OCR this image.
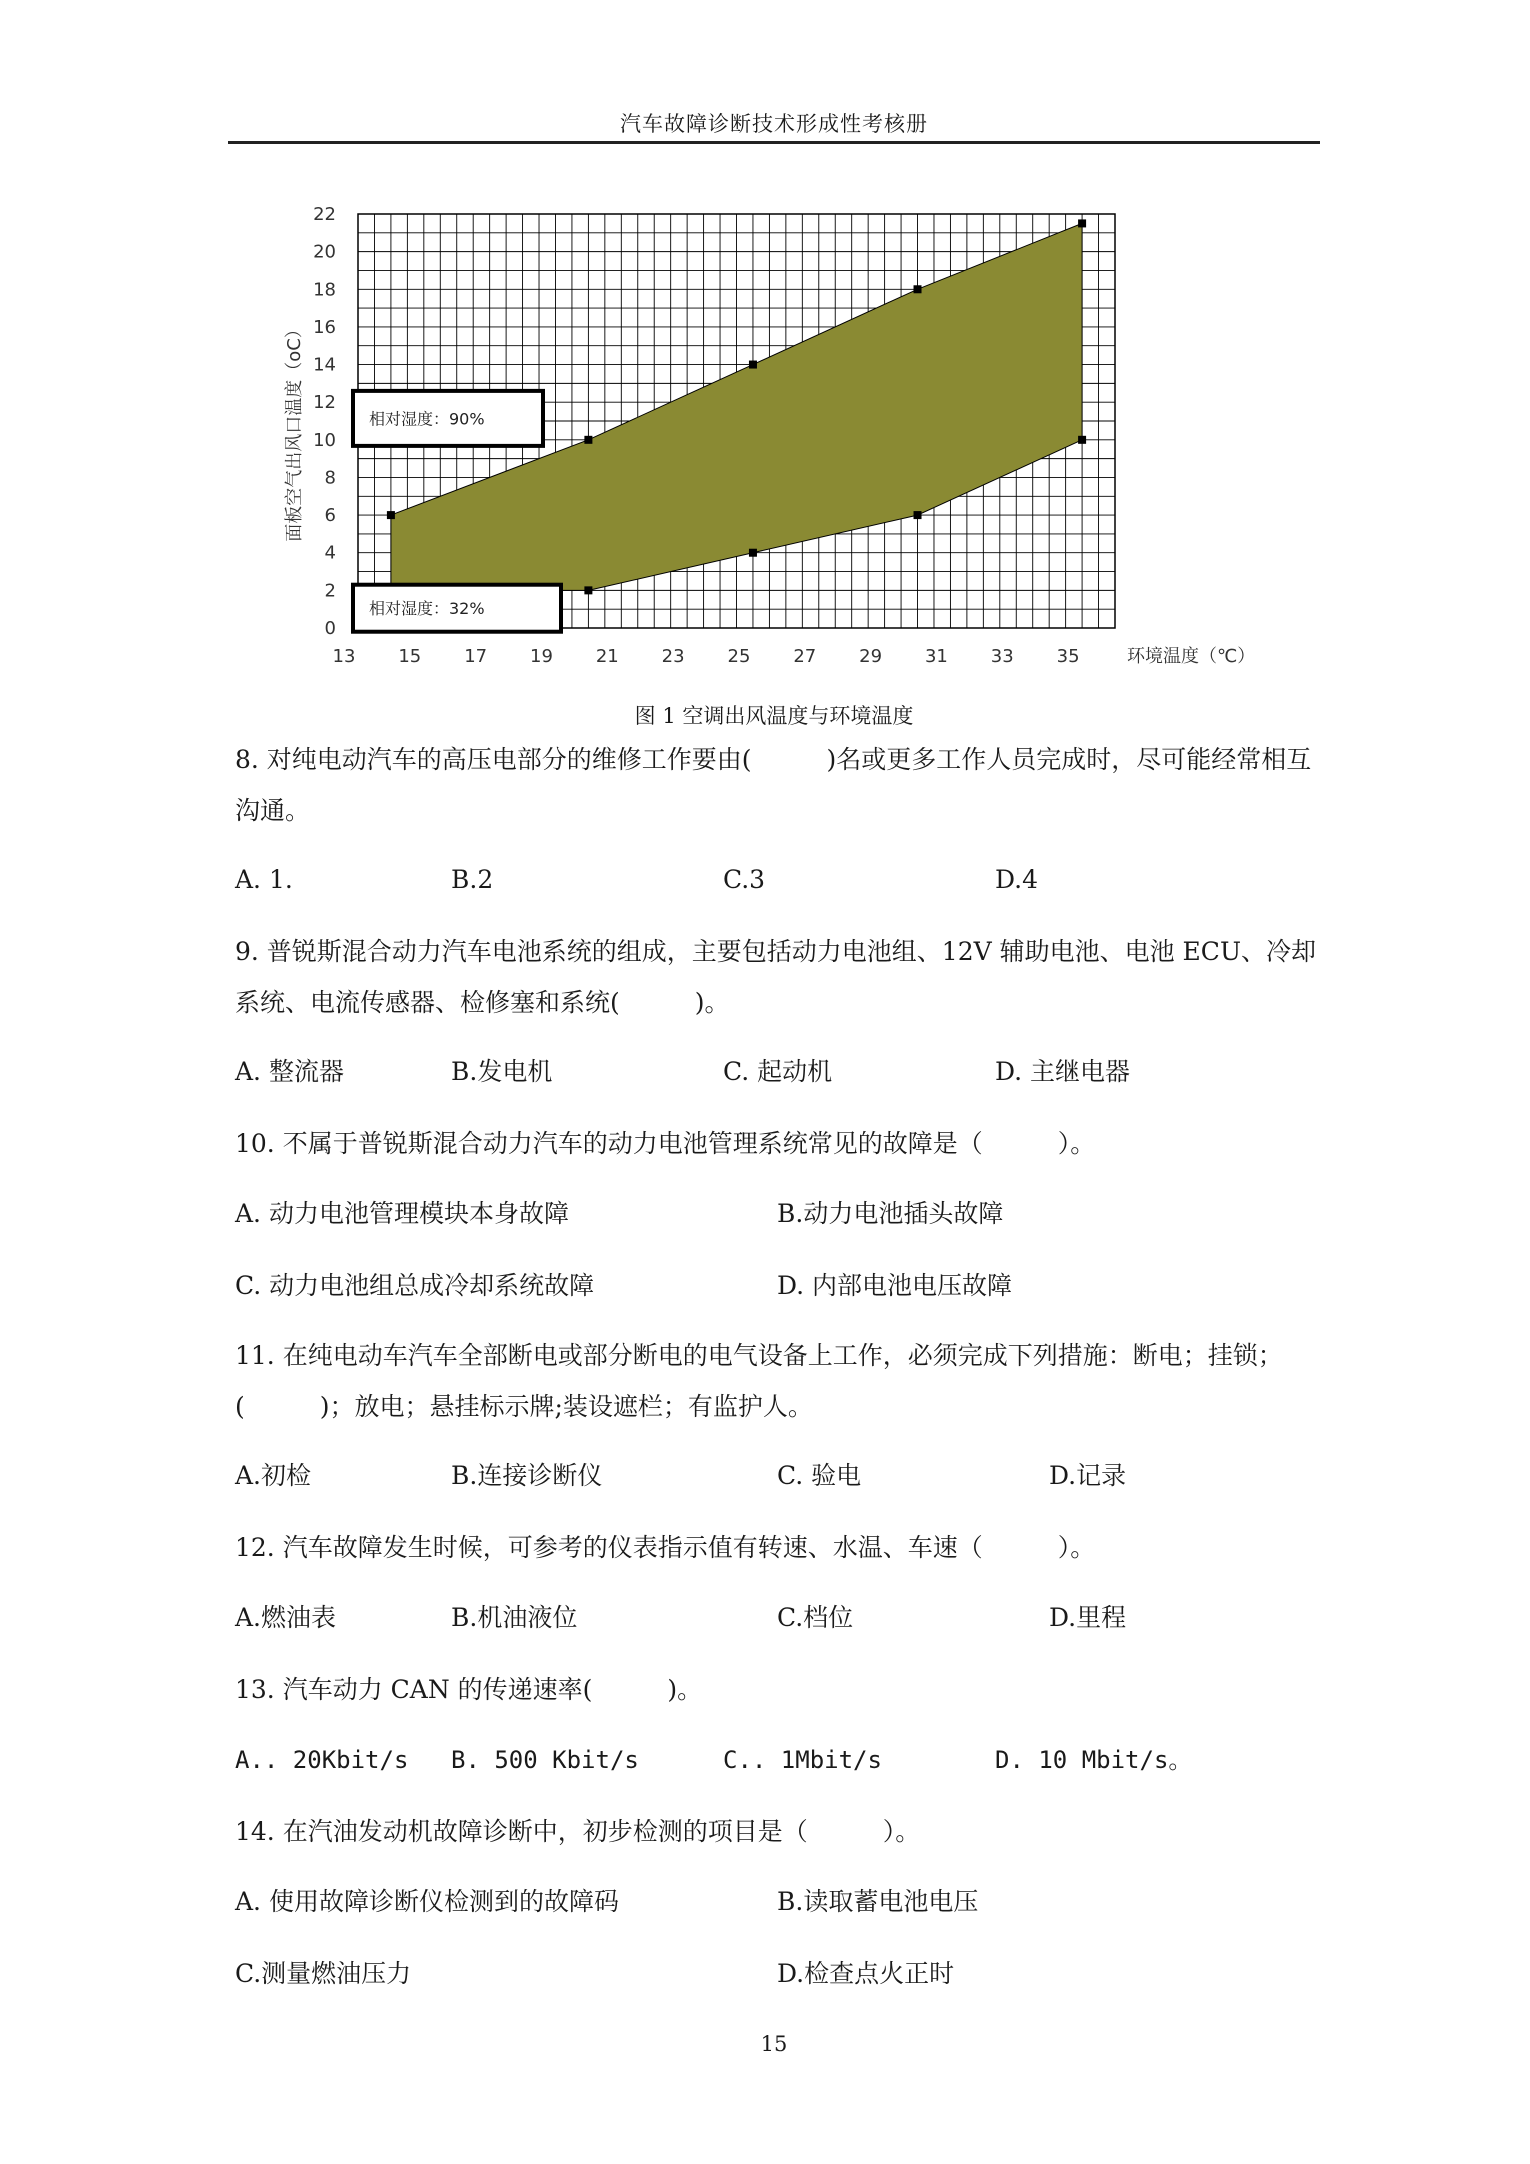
汽车故障诊断技术形成性考核册
0
2
4
6
8
10
12
14
16
18
20
22
13 15 17 19 21 23 25 27 29 31 33 35
相对湿度：90%
相对湿度：32%
面板空气出风口温度（oC）
环境温度（℃）
图 1 空调出风温度与环境温度
8. 对纯电动汽车的高压电部分的维修工作要由(　　　)名或更多工作人员完成时，尽可能经常相互沟通。
A. 1.	B.2	C.3	D.4
9. 普锐斯混合动力汽车电池系统的组成，主要包括动力电池组、12V 辅助电池、电池 ECU、冷却系统、电流传感器、检修塞和系统(　　　)。
A. 整流器	B.发电机	C. 起动机	D. 主继电器
10. 不属于普锐斯混合动力汽车的动力电池管理系统常见的故障是（　　　）。
A. 动力电池管理模块本身故障	B.动力电池插头故障
C. 动力电池组总成冷却系统故障	D. 内部电池电压故障
11. 在纯电动车汽车全部断电或部分断电的电气设备上工作，必须完成下列措施：断电；挂锁；(　　　)；放电；悬挂标示牌;装设遮栏；有监护人。
A.初检	B.连接诊断仪	C. 验电	D.记录
12. 汽车故障发生时候，可参考的仪表指示值有转速、水温、车速（　　　）。
A.燃油表	B.机油液位	C.档位	D.里程
13. 汽车动力 CAN 的传递速率(　　　)。
A.. 20Kbit/s B. 500 Kbit/s	C.. 1Mbit/s	D. 10 Mbit/s。
14. 在汽油发动机故障诊断中，初步检测的项目是（　　　）。
A. 使用故障诊断仪检测到的故障码	B.读取蓄电池电压
C.测量燃油压力	D.检查点火正时
15
